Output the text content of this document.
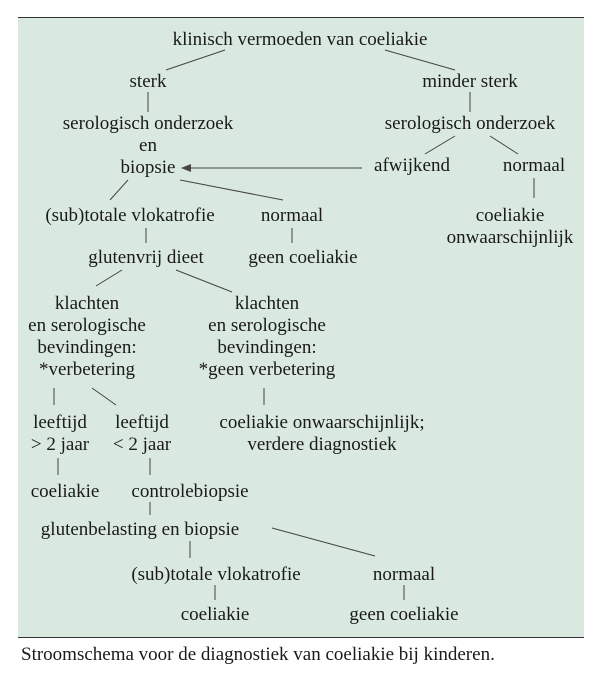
klinisch vermoeden van coeliakie
sterk	minder sterk
serologisch onderzoek
en
biopsie
serologisch onderzoek
afwijkend	normaal
coeliakie
onwaarschijnlijk
(sub)totale vlokatrofie normaal
glutenvrij dieet geen coeliakie
klachten
en serologische
bevindingen:
*verbetering
klachten
en serologische
bevindingen:
*geen verbetering
leeftijd
> 2 jaar
leeftijd
< 2 jaar
coeliakie onwaarschijnlijk;
verdere diagnostiek
coeliakie controlebiopsie
glutenbelasting en biopsie
(sub)totale vlokatrofie	normaal
coeliakie	geen coeliakie
Stroomschema voor de diagnostiek van coeliakie bij kinderen.
